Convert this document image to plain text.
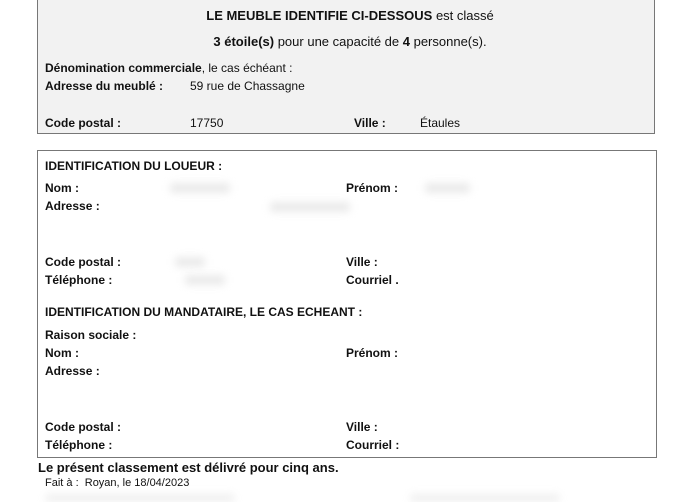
LE MEUBLE IDENTIFIE CI-DESSOUS est classé
3 étoile(s) pour une capacité de 4 personne(s).
Dénomination commerciale, le cas échéant :
Adresse du meublé : 59 rue de Chassagne
Code postal :	17750	Ville :	Étaules
IDENTIFICATION DU LOUEUR :
Nom :	Prénom :
Adresse :
Code postal :	Ville :
Téléphone :	Courriel .
IDENTIFICATION DU MANDATAIRE, LE CAS ECHEANT :
Raison sociale :
Nom :	Prénom :
Adresse :
Code postal :	Ville :
Téléphone :	Courriel :
Le présent classement est délivré pour cinq ans.
Fait à : Royan, le 18/04/2023
